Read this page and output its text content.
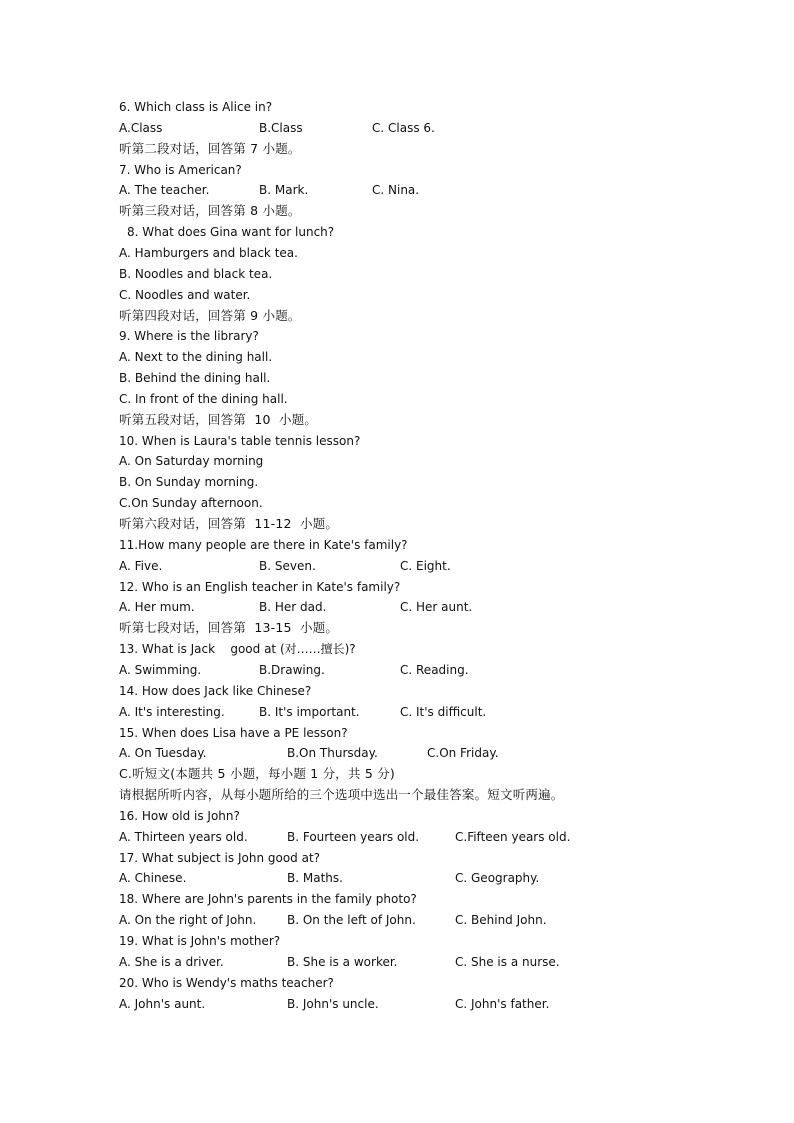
6. Which class is Alice in?
A.Class	B.Class	C. Class 6.
听第二段对话，回答第 7 小题。
7. Who is American?
A. The teacher.	B. Mark.	C. Nina.
听第三段对话，回答第 8 小题。
8. What does Gina want for lunch?
A. Hamburgers and black tea.
B. Noodles and black tea.
C. Noodles and water.
听第四段对话，回答第 9 小题。
9. Where is the library?
A. Next to the dining hall.
B. Behind the dining hall.
C. In front of the dining hall.
听第五段对话，回答第  10  小题。
10. When is Laura's table tennis lesson?
A. On Saturday morning
B. On Sunday morning.
C.On Sunday afternoon.
听第六段对话，回答第  11-12  小题。
11.How many people are there in Kate's family?
A. Five.	B. Seven.	C. Eight.
12. Who is an English teacher in Kate's family?
A. Her mum.	B. Her dad.	C. Her aunt.
听第七段对话，回答第  13-15  小题。
13. What is Jack    good at (对……擅长)?
A. Swimming.	B.Drawing.	C. Reading.
14. How does Jack like Chinese?
A. It's interesting.	B. It's important.	C. It's difficult.
15. When does Lisa have a PE lesson?
A. On Tuesday.	B.On Thursday.	C.On Friday.
C.听短文(本题共 5 小题，每小题 1 分，共 5 分)
请根据所听内容，从每小题所给的三个选项中选出一个最佳答案。短文听两遍。
16. How old is John?
A. Thirteen years old.	B. Fourteen years old.	C.Fifteen years old.
17. What subject is John good at?
A. Chinese.	B. Maths.	C. Geography.
18. Where are John's parents in the family photo?
A. On the right of John.	B. On the left of John.	C. Behind John.
19. What is John's mother?
A. She is a driver.	B. She is a worker.	C. She is a nurse.
20. Who is Wendy's maths teacher?
A. John's aunt.	B. John's uncle.	C. John's father.
